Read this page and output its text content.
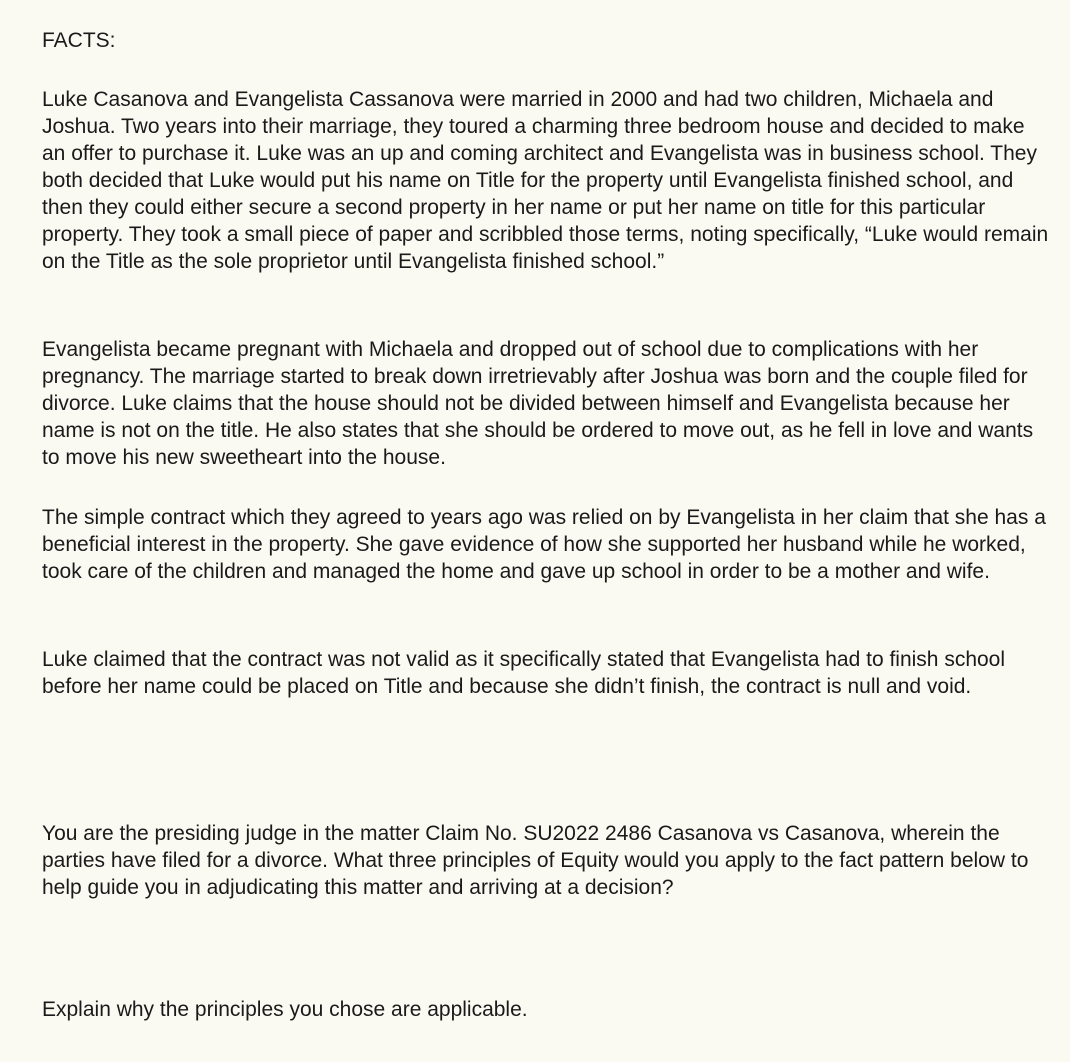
FACTS:

Luke Casanova and Evangelista Cassanova were married in 2000 and had two children, Michaela and Joshua. Two years into their marriage, they toured a charming three bedroom house and decided to make an offer to purchase it. Luke was an up and coming architect and Evangelista was in business school. They both decided that Luke would put his name on Title for the property until Evangelista finished school, and then they could either secure a second property in her name or put her name on title for this particular property. They took a small piece of paper and scribbled those terms, noting specifically, “Luke would remain on the Title as the sole proprietor until Evangelista finished school.”

Evangelista became pregnant with Michaela and dropped out of school due to complications with her pregnancy. The marriage started to break down irretrievably after Joshua was born and the couple filed for divorce. Luke claims that the house should not be divided between himself and Evangelista because her name is not on the title. He also states that she should be ordered to move out, as he fell in love and wants to move his new sweetheart into the house.

The simple contract which they agreed to years ago was relied on by Evangelista in her claim that she has a beneficial interest in the property. She gave evidence of how she supported her husband while he worked, took care of the children and managed the home and gave up school in order to be a mother and wife.

Luke claimed that the contract was not valid as it specifically stated that Evangelista had to finish school before her name could be placed on Title and because she didn’t finish, the contract is null and void.

You are the presiding judge in the matter Claim No. SU2022 2486 Casanova vs Casanova, wherein the parties have filed for a divorce. What three principles of Equity would you apply to the fact pattern below to help guide you in adjudicating this matter and arriving at a decision?

Explain why the principles you chose are applicable.
